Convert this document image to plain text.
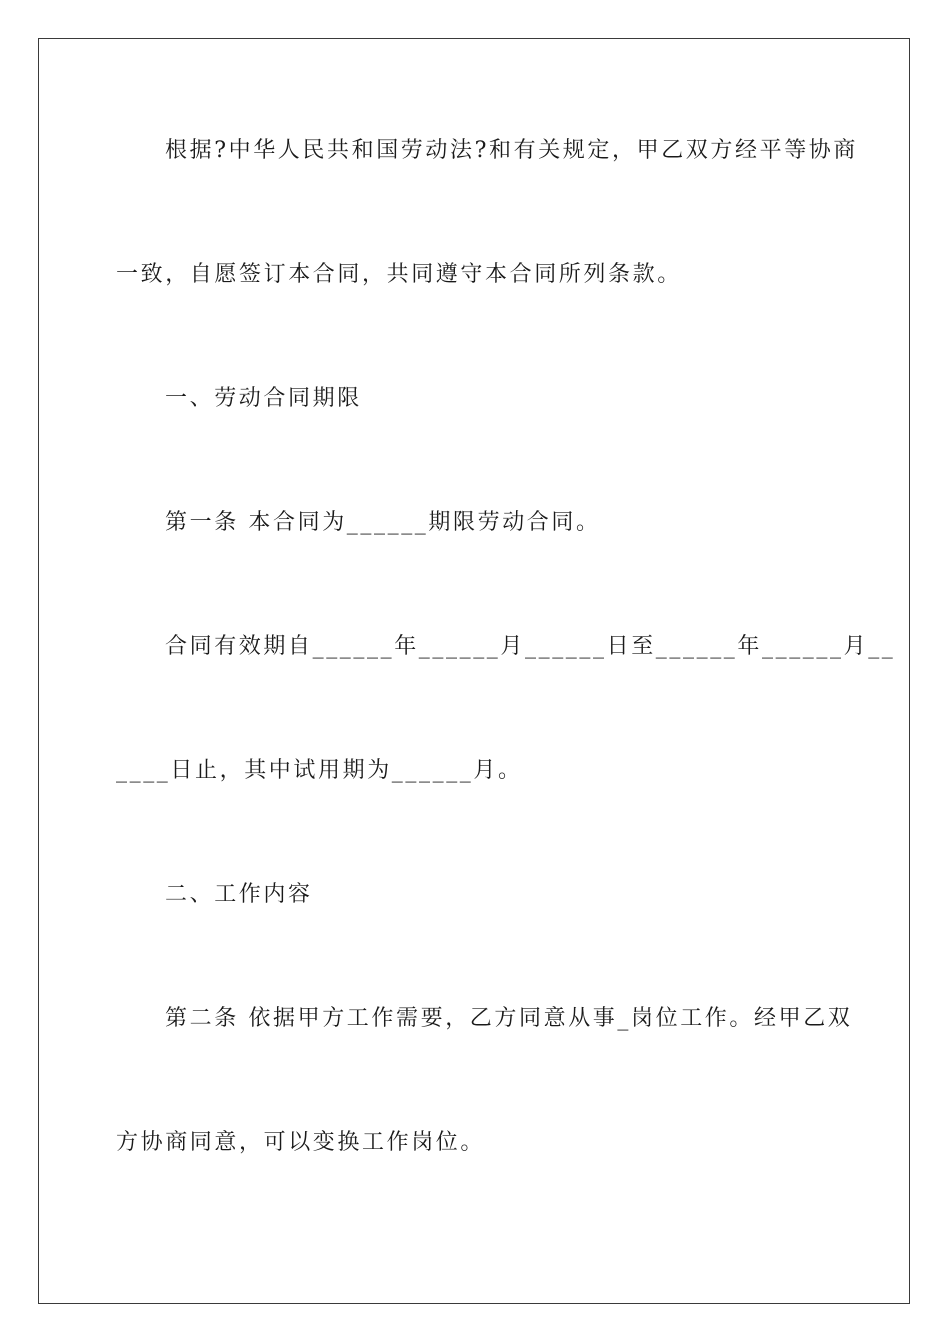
根据?中华人民共和国劳动法?和有关规定，甲乙双方经平等协商

一致，自愿签订本合同，共同遵守本合同所列条款。

一、劳动合同期限

第一条 本合同为______期限劳动合同。

合同有效期自______年______月______日至______年______月__

____日止，其中试用期为______月。

二、工作内容

第二条 依据甲方工作需要，乙方同意从事_岗位工作。经甲乙双

方协商同意，可以变换工作岗位。
